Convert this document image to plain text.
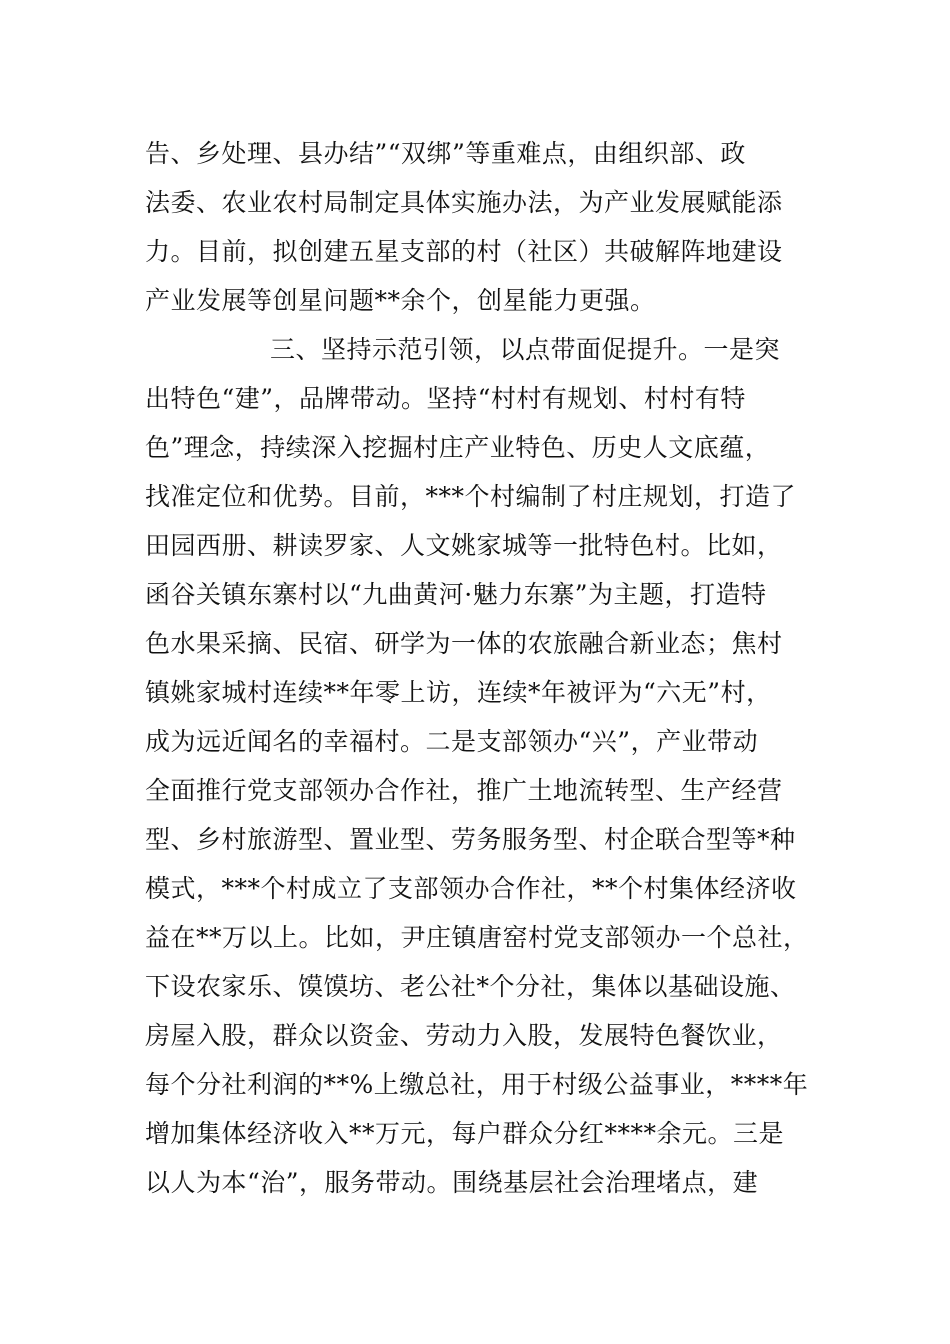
告、乡处理、县办结”“双绑”等重难点，由组织部、政
法委、农业农村局制定具体实施办法，为产业发展赋能添
力。目前，拟创建五星支部的村（社区）共破解阵地建设
产业发展等创星问题**余个，创星能力更强。
三、坚持示范引领，以点带面促提升。一是突
出特色“建”，品牌带动。坚持“村村有规划、村村有特
色”理念，持续深入挖掘村庄产业特色、历史人文底蕴，
找准定位和优势。目前，***个村编制了村庄规划，打造了
田园西册、耕读罗家、人文姚家城等一批特色村。比如，
函谷关镇东寨村以“九曲黄河·魅力东寨”为主题，打造特
色水果采摘、民宿、研学为一体的农旅融合新业态；焦村
镇姚家城村连续**年零上访，连续*年被评为“六无”村，
成为远近闻名的幸福村。二是支部领办“兴”，产业带动
全面推行党支部领办合作社，推广土地流转型、生产经营
型、乡村旅游型、置业型、劳务服务型、村企联合型等*种
模式，***个村成立了支部领办合作社，**个村集体经济收
益在**万以上。比如，尹庄镇唐窑村党支部领办一个总社，
下设农家乐、馍馍坊、老公社*个分社，集体以基础设施、
房屋入股，群众以资金、劳动力入股，发展特色餐饮业，
每个分社利润的**%上缴总社，用于村级公益事业，****年
增加集体经济收入**万元，每户群众分红****余元。三是
以人为本“治”，服务带动。围绕基层社会治理堵点，建
